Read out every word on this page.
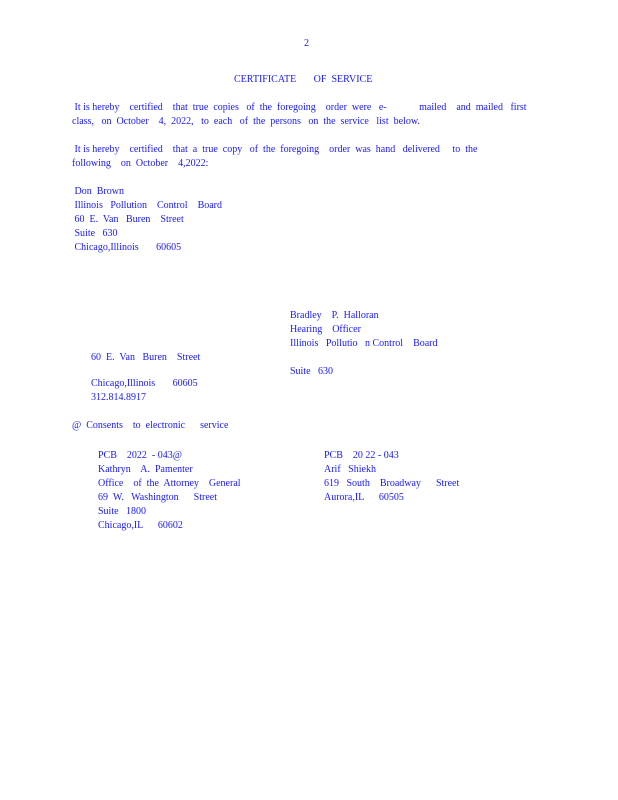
2
CERTIFICATE       OF  SERVICE
It is hereby    certified    that  true  copies   of  the  foregoing    order  were   e-             mailed    and  mailed   first
class,   on  October    4,  2022,   to  each   of  the  persons   on  the  service   list  below.
It is hereby    certified    that  a  true  copy   of  the  foregoing    order  was  hand   delivered     to  the
following    on  October    4,2022:
Don  Brown
Illinois   Pollution    Control    Board
60  E.  Van   Buren    Street
Suite   630
Chicago,Illinois       60605
Bradley    P.  Halloran
Hearing    Officer
Illinois   Pollutio   n Control    Board
60  E.  Van   Buren    Street
Suite   630
Chicago,Illinois       60605
312.814.8917
@  Consents    to  electronic      service
PCB    2022  - 043@
Kathryn    A.  Pamenter
Office    of  the  Attorney    General
69  W.   Washington      Street
Suite   1800
Chicago,IL      60602
PCB    20 22 - 043
Arif   Shiekh
619   South    Broadway      Street
Aurora,IL      60505
